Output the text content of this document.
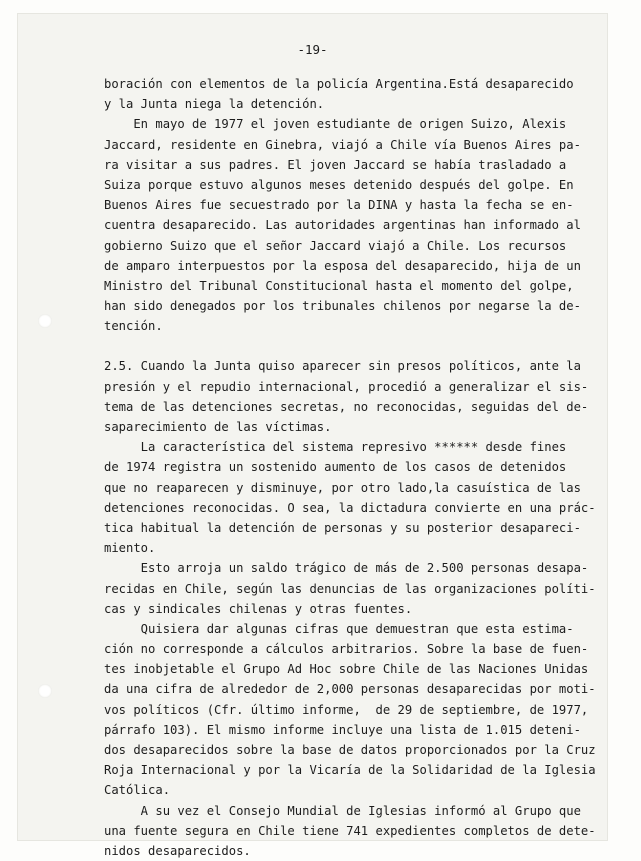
-19-
boración con elementos de la policía Argentina.Está desaparecido
y la Junta niega la detención.
En mayo de 1977 el joven estudiante de origen Suizo, Alexis
Jaccard, residente en Ginebra, viajó a Chile vía Buenos Aires pa-
ra visitar a sus padres. El joven Jaccard se había trasladado a
Suiza porque estuvo algunos meses detenido después del golpe. En
Buenos Aires fue secuestrado por la DINA y hasta la fecha se en-
cuentra desaparecido. Las autoridades argentinas han informado al
gobierno Suizo que el señor Jaccard viajó a Chile. Los recursos
de amparo interpuestos por la esposa del desaparecido, hija de un
Ministro del Tribunal Constitucional hasta el momento del golpe,
han sido denegados por los tribunales chilenos por negarse la de-
tención.
2.5. Cuando la Junta quiso aparecer sin presos políticos, ante la
presión y el repudio internacional, procedió a generalizar el sis-
tema de las detenciones secretas, no reconocidas, seguidas del de-
saparecimiento de las víctimas.
La característica del sistema represivo ****** desde fines
de 1974 registra un sostenido aumento de los casos de detenidos
que no reaparecen y disminuye, por otro lado,la casuística de las
detenciones reconocidas. O sea, la dictadura convierte en una prác-
tica habitual la detención de personas y su posterior desapareci-
miento.
Esto arroja un saldo trágico de más de 2.500 personas desapa-
recidas en Chile, según las denuncias de las organizaciones políti-
cas y sindicales chilenas y otras fuentes.
Quisiera dar algunas cifras que demuestran que esta estima-
ción no corresponde a cálculos arbitrarios. Sobre la base de fuen-
tes inobjetable el Grupo Ad Hoc sobre Chile de las Naciones Unidas
da una cifra de alrededor de 2,000 personas desaparecidas por moti-
vos políticos (Cfr. último informe,  de 29 de septiembre, de 1977,
párrafo 103). El mismo informe incluye una lista de 1.015 deteni-
dos desaparecidos sobre la base de datos proporcionados por la Cruz
Roja Internacional y por la Vicaría de la Solidaridad de la Iglesia
Católica.
A su vez el Consejo Mundial de Iglesias informó al Grupo que
una fuente segura en Chile tiene 741 expedientes completos de dete-
nidos desaparecidos.
